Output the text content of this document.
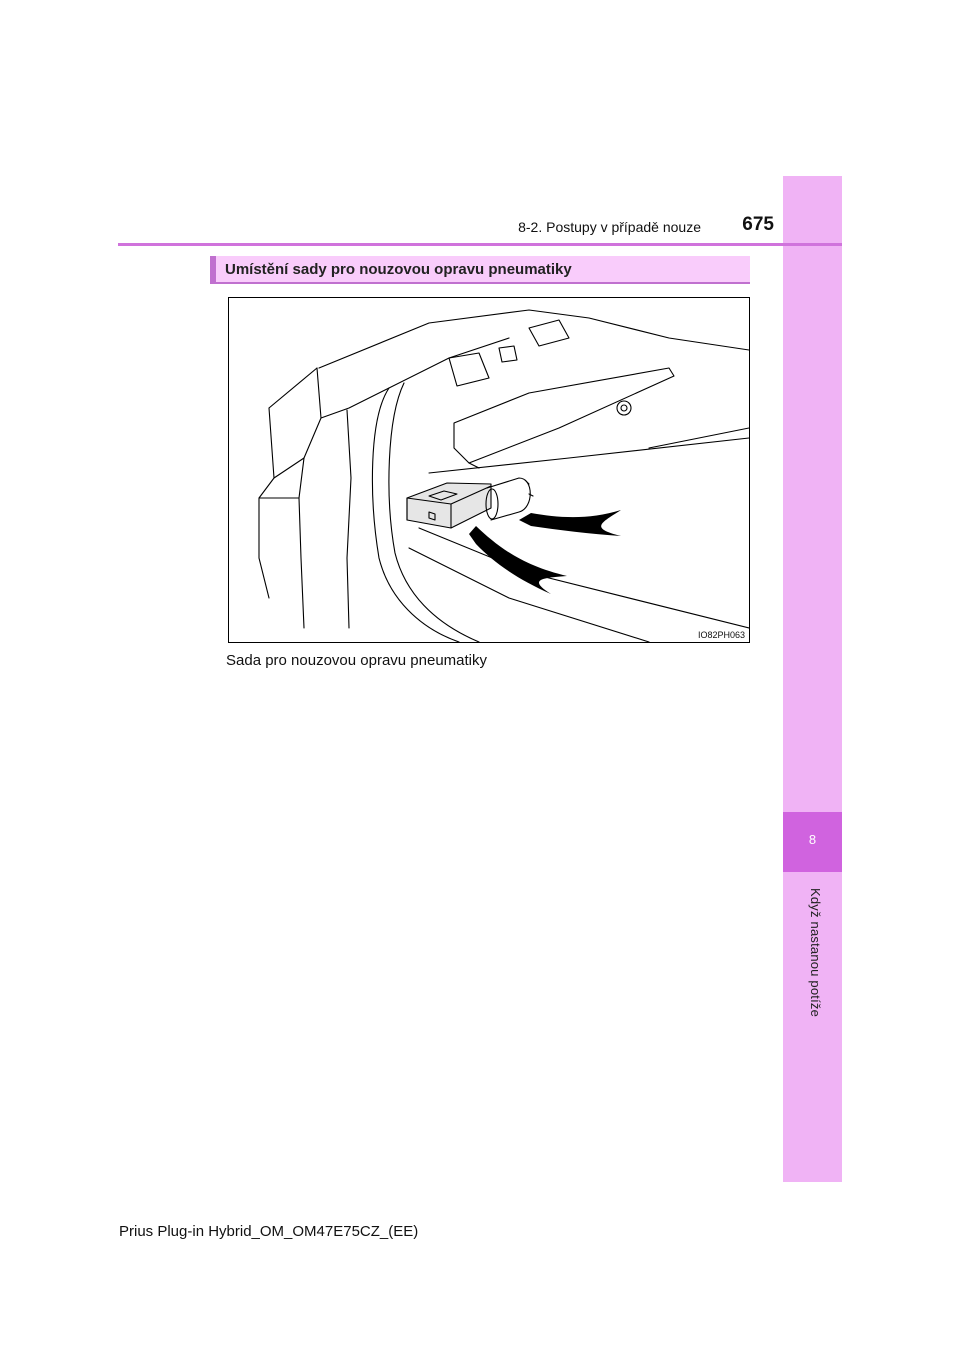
8
Když nastanou potíže
8-2. Postupy v případě nouze	675
Umístění sady pro nouzovou opravu pneumatiky
IO82PH063
Sada pro nouzovou opravu pneumatiky
Prius Plug-in Hybrid_OM_OM47E75CZ_(EE)
